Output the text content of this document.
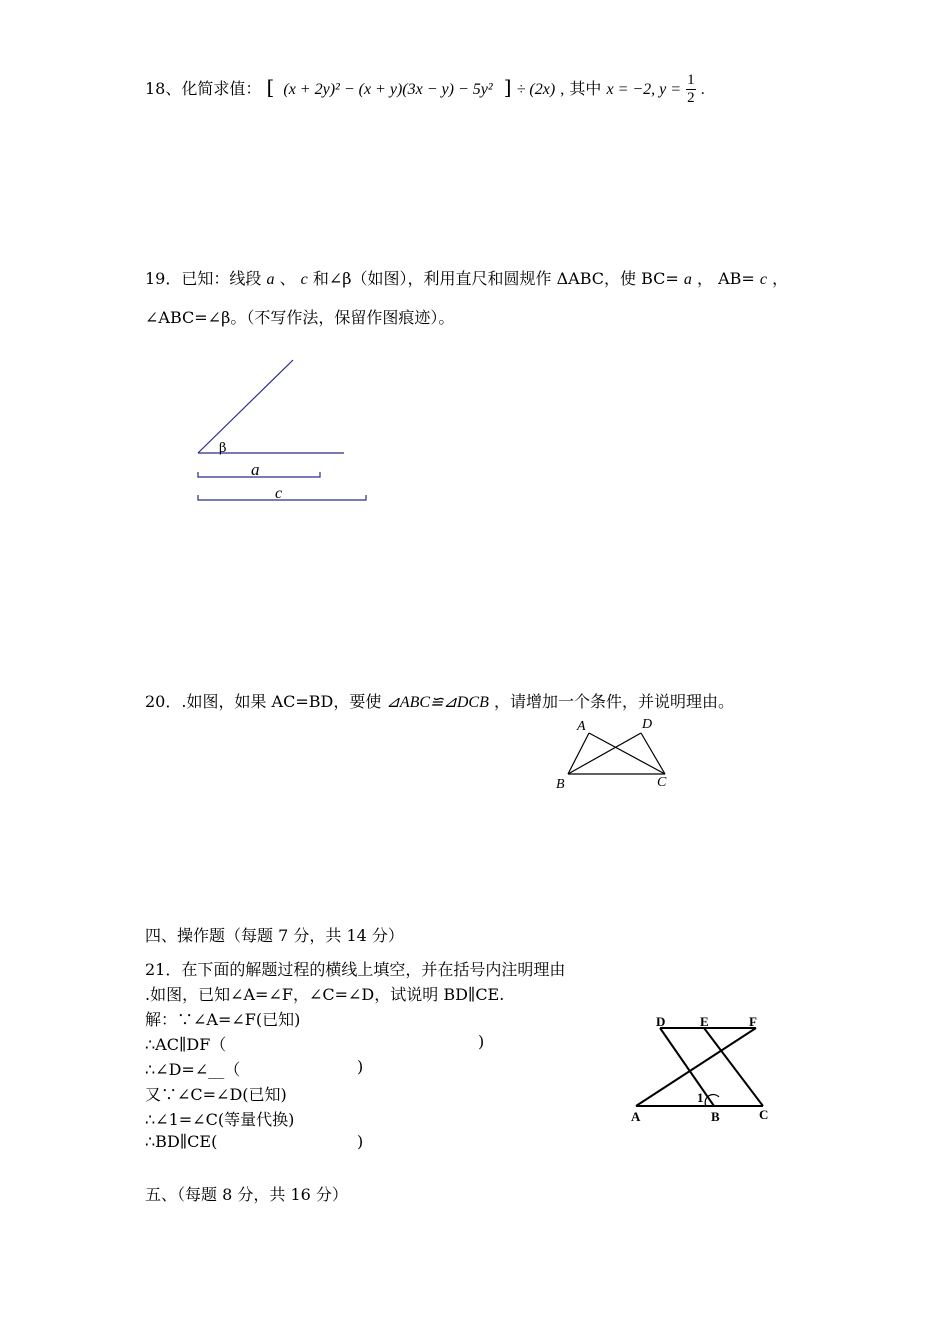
18、化简求值： [ (x + 2y)² − (x + y)(3x − y) − 5y² ] ÷ (2x) , 其中 x = −2, $y = \frac{1}{2}$ .
19．已知：线段 a 、 c 和∠β（如图），利用直尺和圆规作 ΔABC，使 BC= a ， AB= c ，
∠ABC=∠β。（不写作法，保留作图痕迹）。
β
a
c
20．.如图，如果 AC=BD，要使 ⊿ABC≌⊿DCB ，请增加一个条件，并说明理由。
A	D
B	C
四、操作题（每题 7 分，共 14 分）
21．在下面的解题过程的横线上填空，并在括号内注明理由
.如图，已知∠A=∠F，∠C=∠D，试说明 BD∥CE.
解：∵∠A=∠F(已知)
∴AC∥DF（	)
∴∠D=∠__（	)
又∵∠C=∠D(已知)
∴∠1=∠C(等量代换)
∴BD∥CE(	)
D	E	F
A	B	C
1
五、（每题 8 分，共 16 分）
